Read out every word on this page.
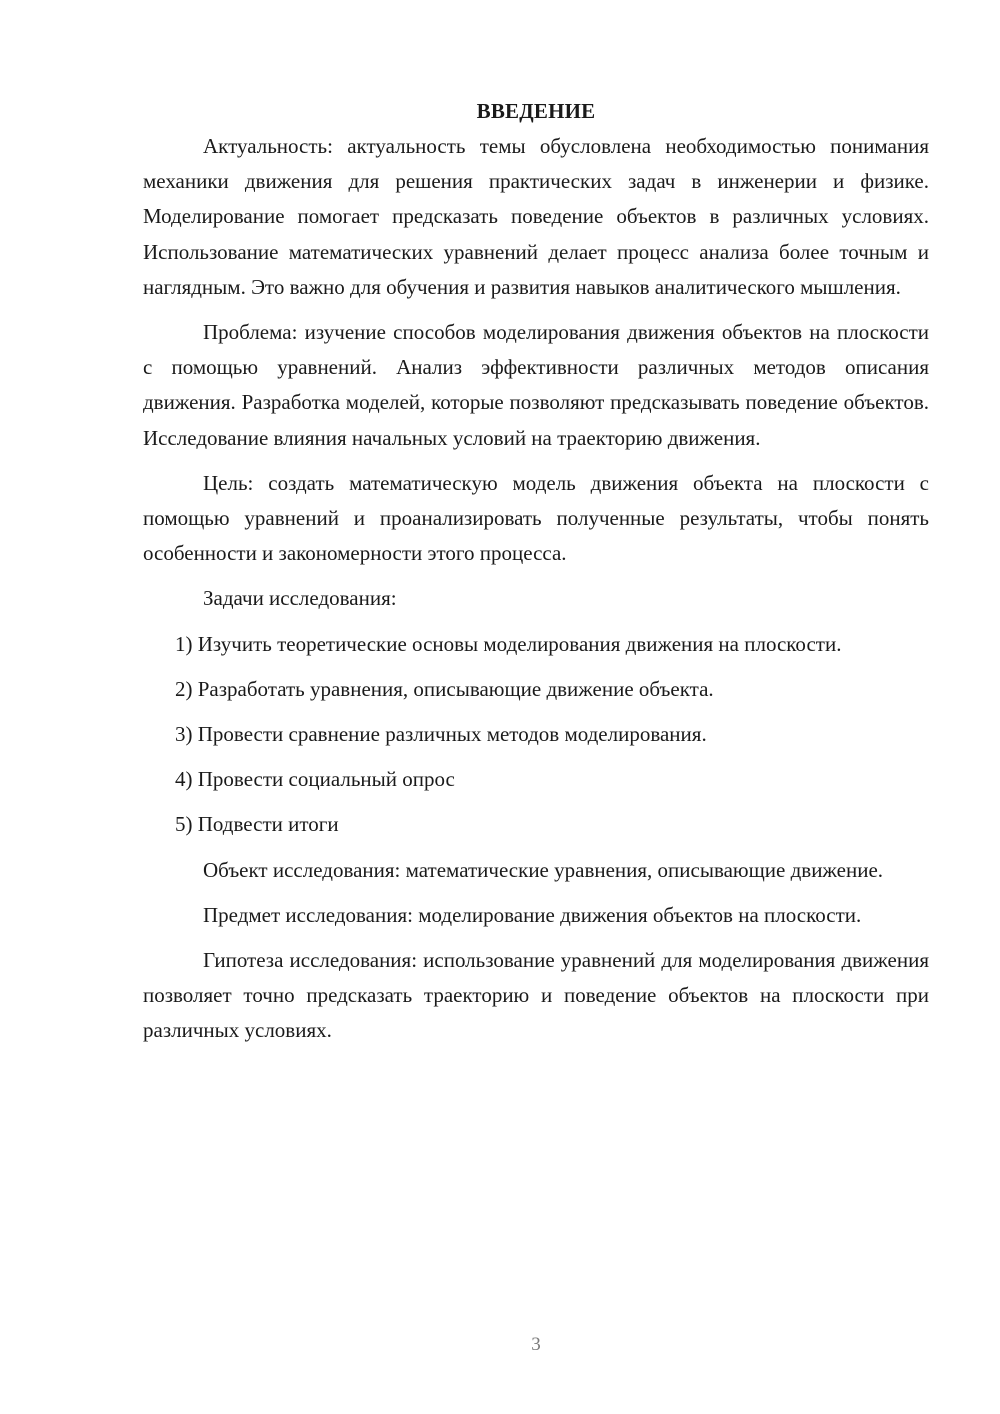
ВВЕДЕНИЕ

Актуальность: актуальность темы обусловлена необходимостью понимания механики движения для решения практических задач в инженерии и физике. Моделирование помогает предсказать поведение объектов в различных условиях. Использование математических уравнений делает процесс анализа более точным и наглядным. Это важно для обучения и развития навыков аналитического мышления.

Проблема: изучение способов моделирования движения объектов на плоскости с помощью уравнений. Анализ эффективности различных методов описания движения. Разработка моделей, которые позволяют предсказывать поведение объектов. Исследование влияния начальных условий на траекторию движения.

Цель: создать математическую модель движения объекта на плоскости с помощью уравнений и проанализировать полученные результаты, чтобы понять особенности и закономерности этого процесса.

Задачи исследования:

1) Изучить теоретические основы моделирования движения на плоскости.

2) Разработать уравнения, описывающие движение объекта.

3) Провести сравнение различных методов моделирования.

4) Провести социальный опрос

5) Подвести итоги

Объект исследования: математические уравнения, описывающие движение.

Предмет исследования: моделирование движения объектов на плоскости.

Гипотеза исследования: использование уравнений для моделирования движения позволяет точно предсказать траекторию и поведение объектов на плоскости при различных условиях.

3
